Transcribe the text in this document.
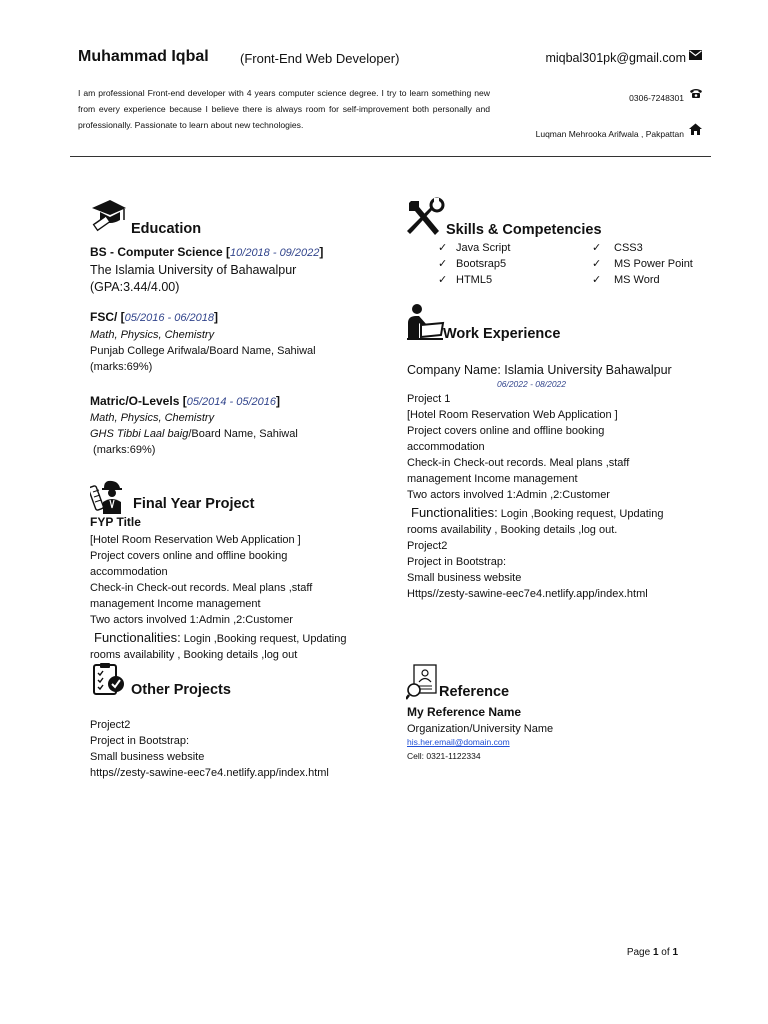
Muhammad Iqbal (Front-End Web Developer)	miqbal301pk@gmail.com
I am professional Front-end developer with 4 years computer science degree. I try to learn something new from every experience because I believe there is always room for self-improvement both personally and professionally. Passionate to learn about new technologies.
0306-7248301
Luqman Mehrooka Arifwala , Pakpattan
Education
BS - Computer Science [10/2018 - 09/2022]
The Islamia University of Bahawalpur
(GPA:3.44/4.00)
FSC/ [05/2016 - 06/2018]
Math, Physics, Chemistry
Punjab College Arifwala/Board Name, Sahiwal
(marks:69%)
Matric/O-Levels [05/2014 - 05/2016]
Math, Physics, Chemistry
GHS Tibbi Laal baig/Board Name, Sahiwal
(marks:69%)
Final Year Project
FYP Title
[Hotel Room Reservation Web Application ]
Project covers online and offline booking
accommodation
Check-in Check-out records. Meal plans ,staff
management Income management
Two actors involved 1:Admin ,2:Customer
Functionalities: Login ,Booking request, Updating
rooms availability , Booking details ,log out
Other Projects
Project2
Project in Bootstrap:
Small business website
https//zesty-sawine-eec7e4.netlify.app/index.html
Skills & Competencies
✓ Java Script
✓ Bootsrap5
✓ HTML5
✓ CSS3
✓ MS Power Point
✓ MS Word
Work Experience
Company Name: Islamia University Bahawalpur
06/2022 - 08/2022
Project 1
[Hotel Room Reservation Web Application ]
Project covers online and offline booking
accommodation
Check-in Check-out records. Meal plans ,staff
management Income management
Two actors involved 1:Admin ,2:Customer
Functionalities: Login ,Booking request, Updating
rooms availability , Booking details ,log out.
Project2
Project in Bootstrap:
Small business website
Https//zesty-sawine-eec7e4.netlify.app/index.html
Reference
My Reference Name
Organization/University Name
his.her.email@domain.com
Cell: 0321-1122334
Page 1 of 1
